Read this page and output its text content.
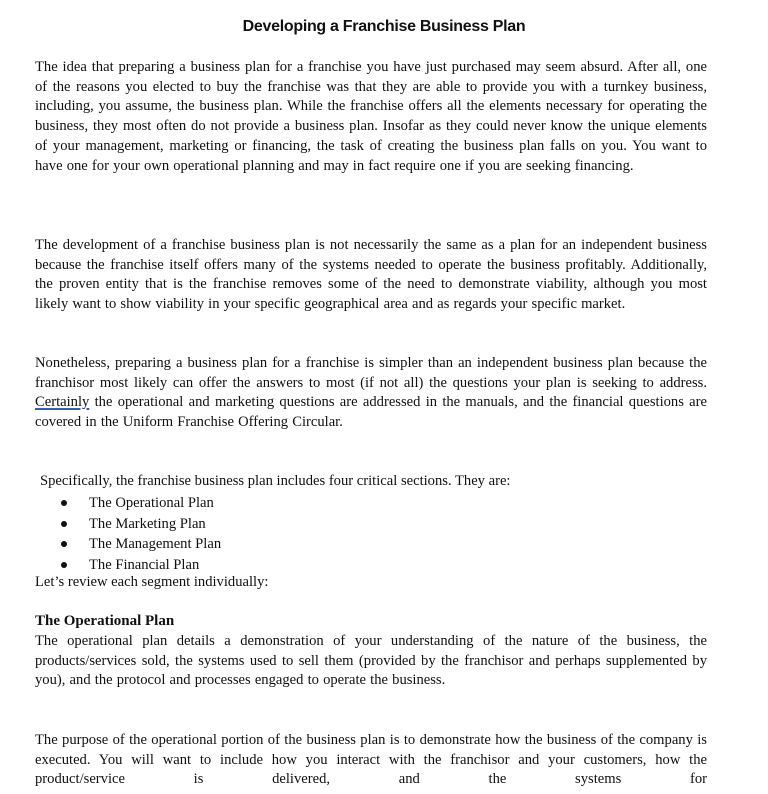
Developing a Franchise Business Plan

The idea that preparing a business plan for a franchise you have just purchased may seem absurd. After all, one of the reasons you elected to buy the franchise was that they are able to provide you with a turnkey business, including, you assume, the business plan. While the franchise offers all the elements necessary for operating the business, they most often do not provide a business plan. Insofar as they could never know the unique elements of your management, marketing or financing, the task of creating the business plan falls on you. You want to have one for your own operational planning and may in fact require one if you are seeking financing.

The development of a franchise business plan is not necessarily the same as a plan for an independent business because the franchise itself offers many of the systems needed to operate the business profitably. Additionally, the proven entity that is the franchise removes some of the need to demonstrate viability, although you most likely want to show viability in your specific geographical area and as regards your specific market.

Nonetheless, preparing a business plan for a franchise is simpler than an independent business plan because the franchisor most likely can offer the answers to most (if not all) the questions your plan is seeking to address. Certainly the operational and marketing questions are addressed in the manuals, and the financial questions are covered in the Uniform Franchise Offering Circular.

Specifically, the franchise business plan includes four critical sections. They are:
The Operational Plan
The Marketing Plan
The Management Plan
The Financial Plan
Let’s review each segment individually:
The Operational Plan

The operational plan details a demonstration of your understanding of the nature of the business, the products/services sold, the systems used to sell them (provided by the franchisor and perhaps supplemented by you), and the protocol and processes engaged to operate the business.

The purpose of the operational portion of the business plan is to demonstrate how the business of the company is executed. You will want to include how you interact with the franchisor and your customers, how the product/service is delivered, and the systems for
